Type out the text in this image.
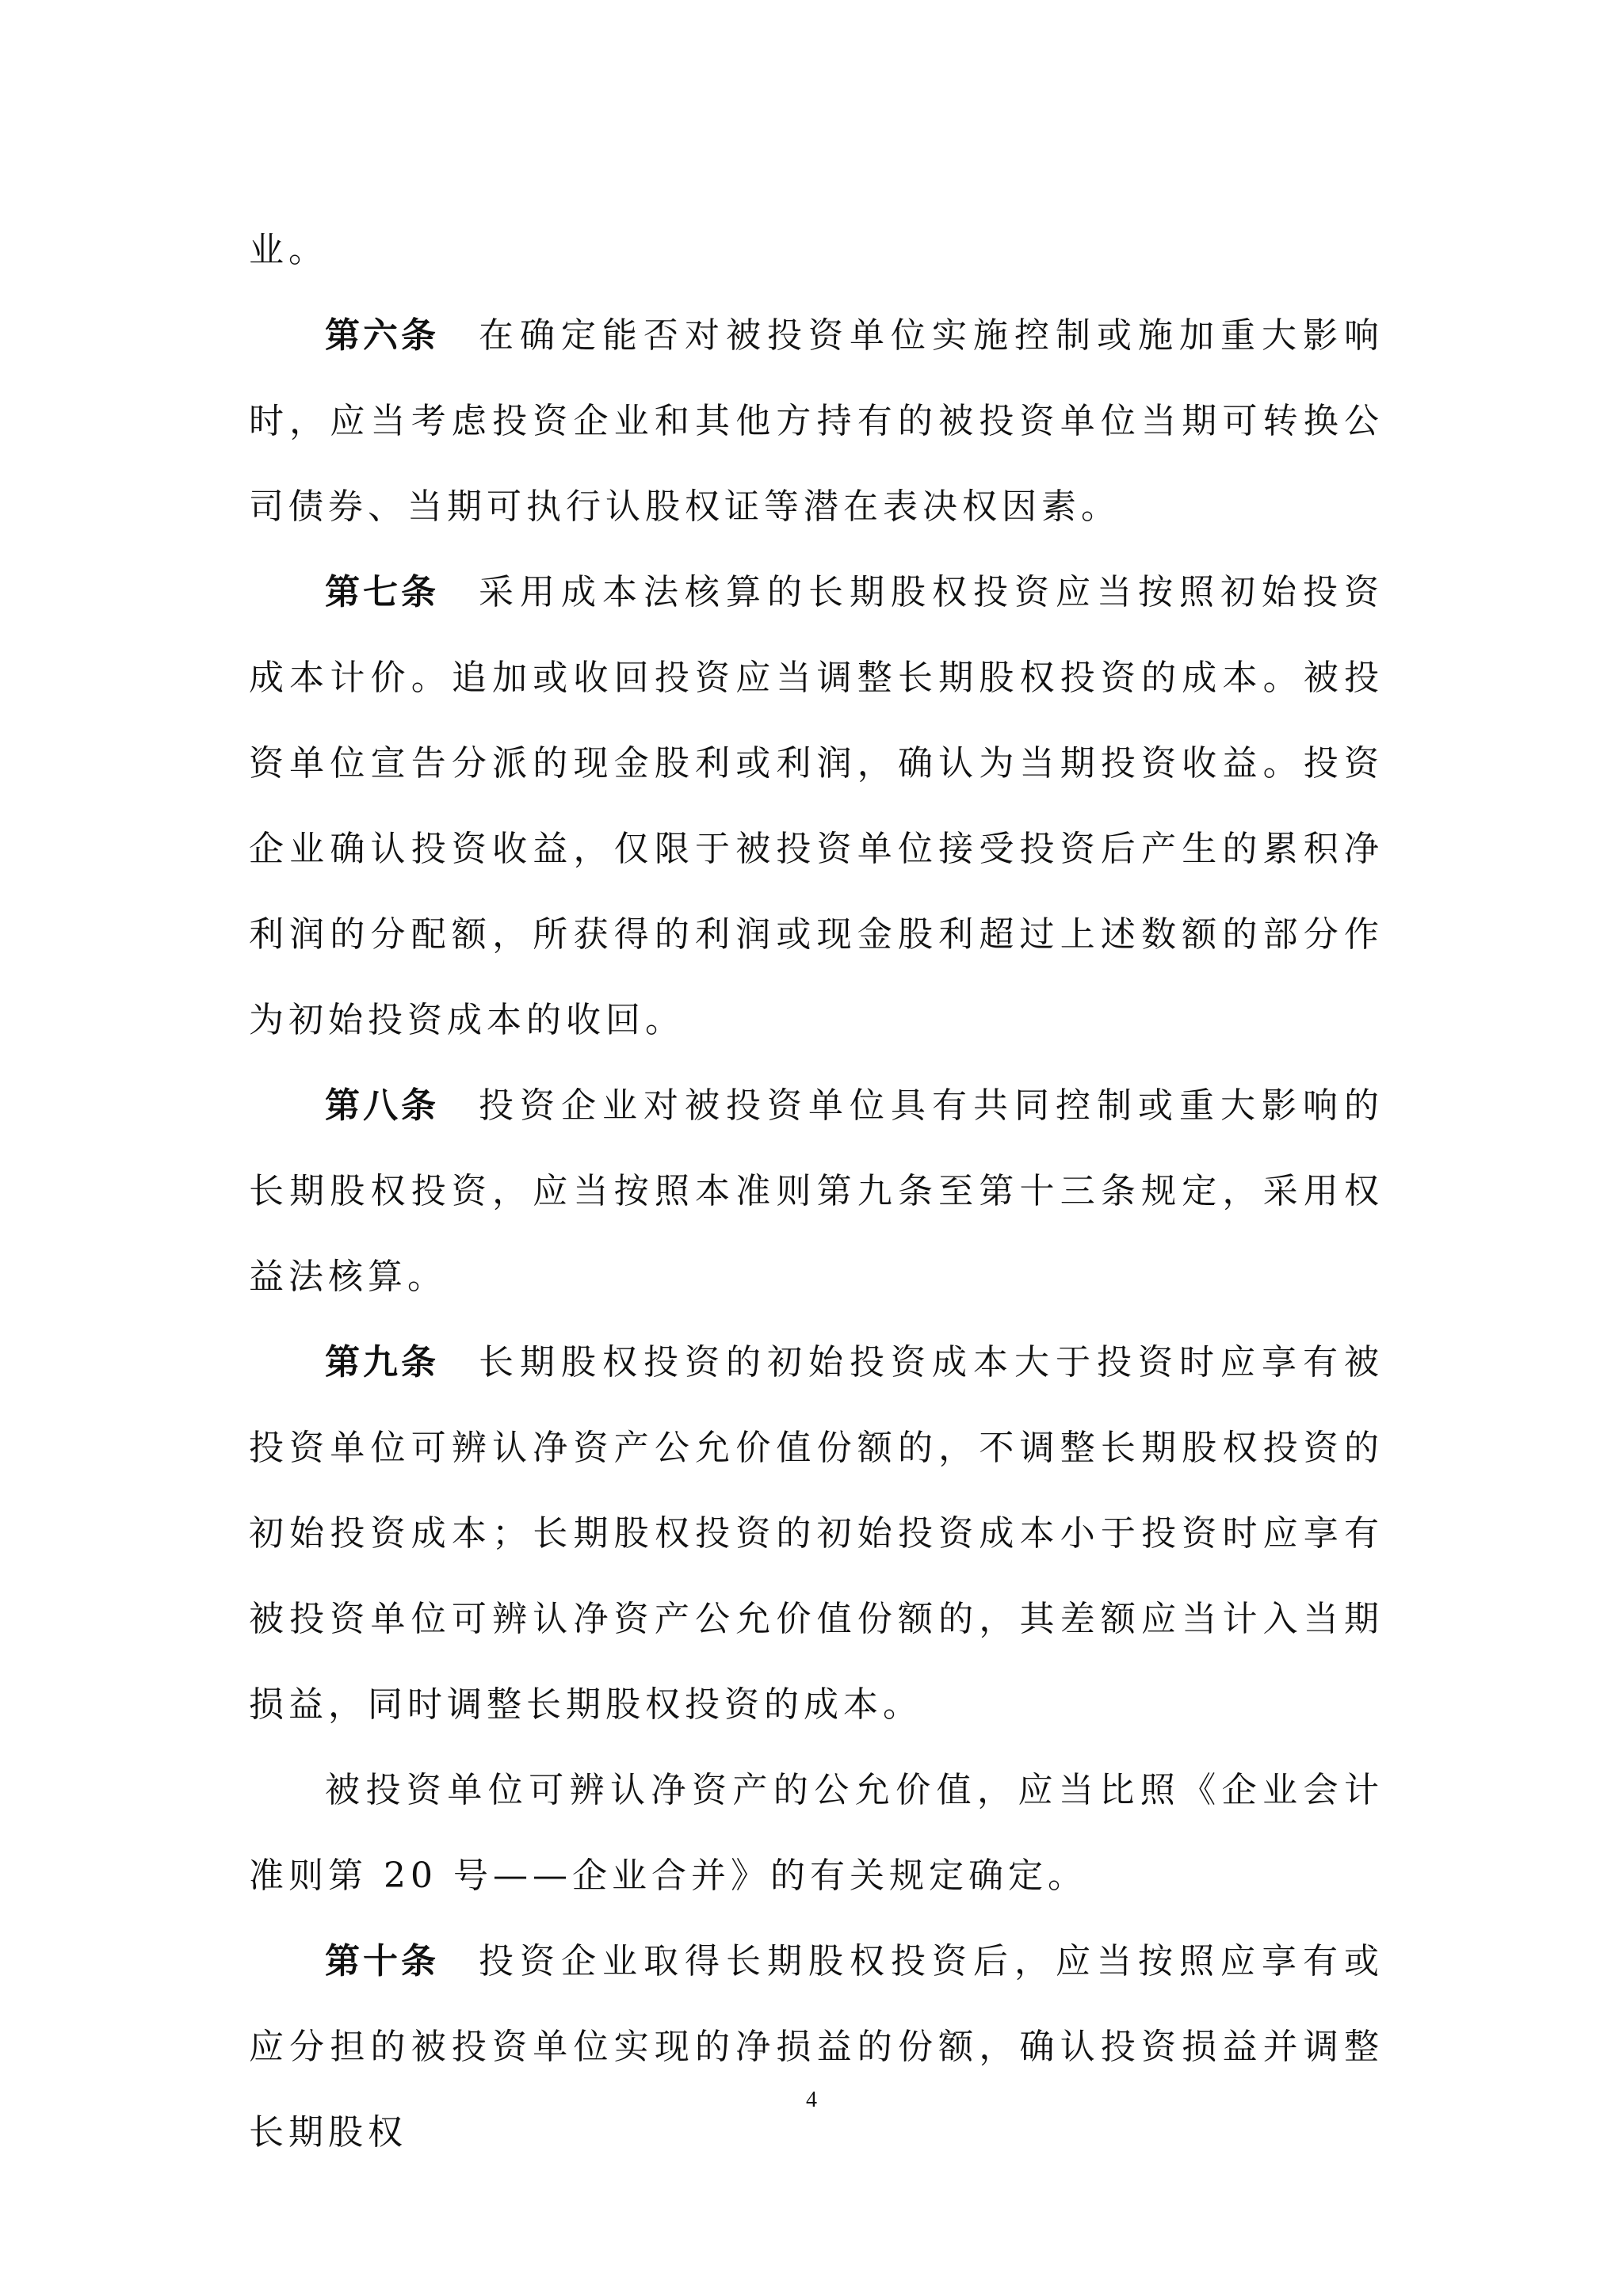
业。

第六条 在确定能否对被投资单位实施控制或施加重大影响时，应当考虑投资企业和其他方持有的被投资单位当期可转换公司债券、当期可执行认股权证等潜在表决权因素。

第七条 采用成本法核算的长期股权投资应当按照初始投资成本计价。追加或收回投资应当调整长期股权投资的成本。被投资单位宣告分派的现金股利或利润，确认为当期投资收益。投资企业确认投资收益，仅限于被投资单位接受投资后产生的累积净利润的分配额，所获得的利润或现金股利超过上述数额的部分作为初始投资成本的收回。

第八条 投资企业对被投资单位具有共同控制或重大影响的长期股权投资，应当按照本准则第九条至第十三条规定，采用权益法核算。

第九条 长期股权投资的初始投资成本大于投资时应享有被投资单位可辨认净资产公允价值份额的，不调整长期股权投资的初始投资成本；长期股权投资的初始投资成本小于投资时应享有被投资单位可辨认净资产公允价值份额的，其差额应当计入当期损益，同时调整长期股权投资的成本。

被投资单位可辨认净资产的公允价值，应当比照《企业会计准则第 20 号——企业合并》的有关规定确定。

第十条 投资企业取得长期股权投资后，应当按照应享有或应分担的被投资单位实现的净损益的份额，确认投资损益并调整长期股权

4
